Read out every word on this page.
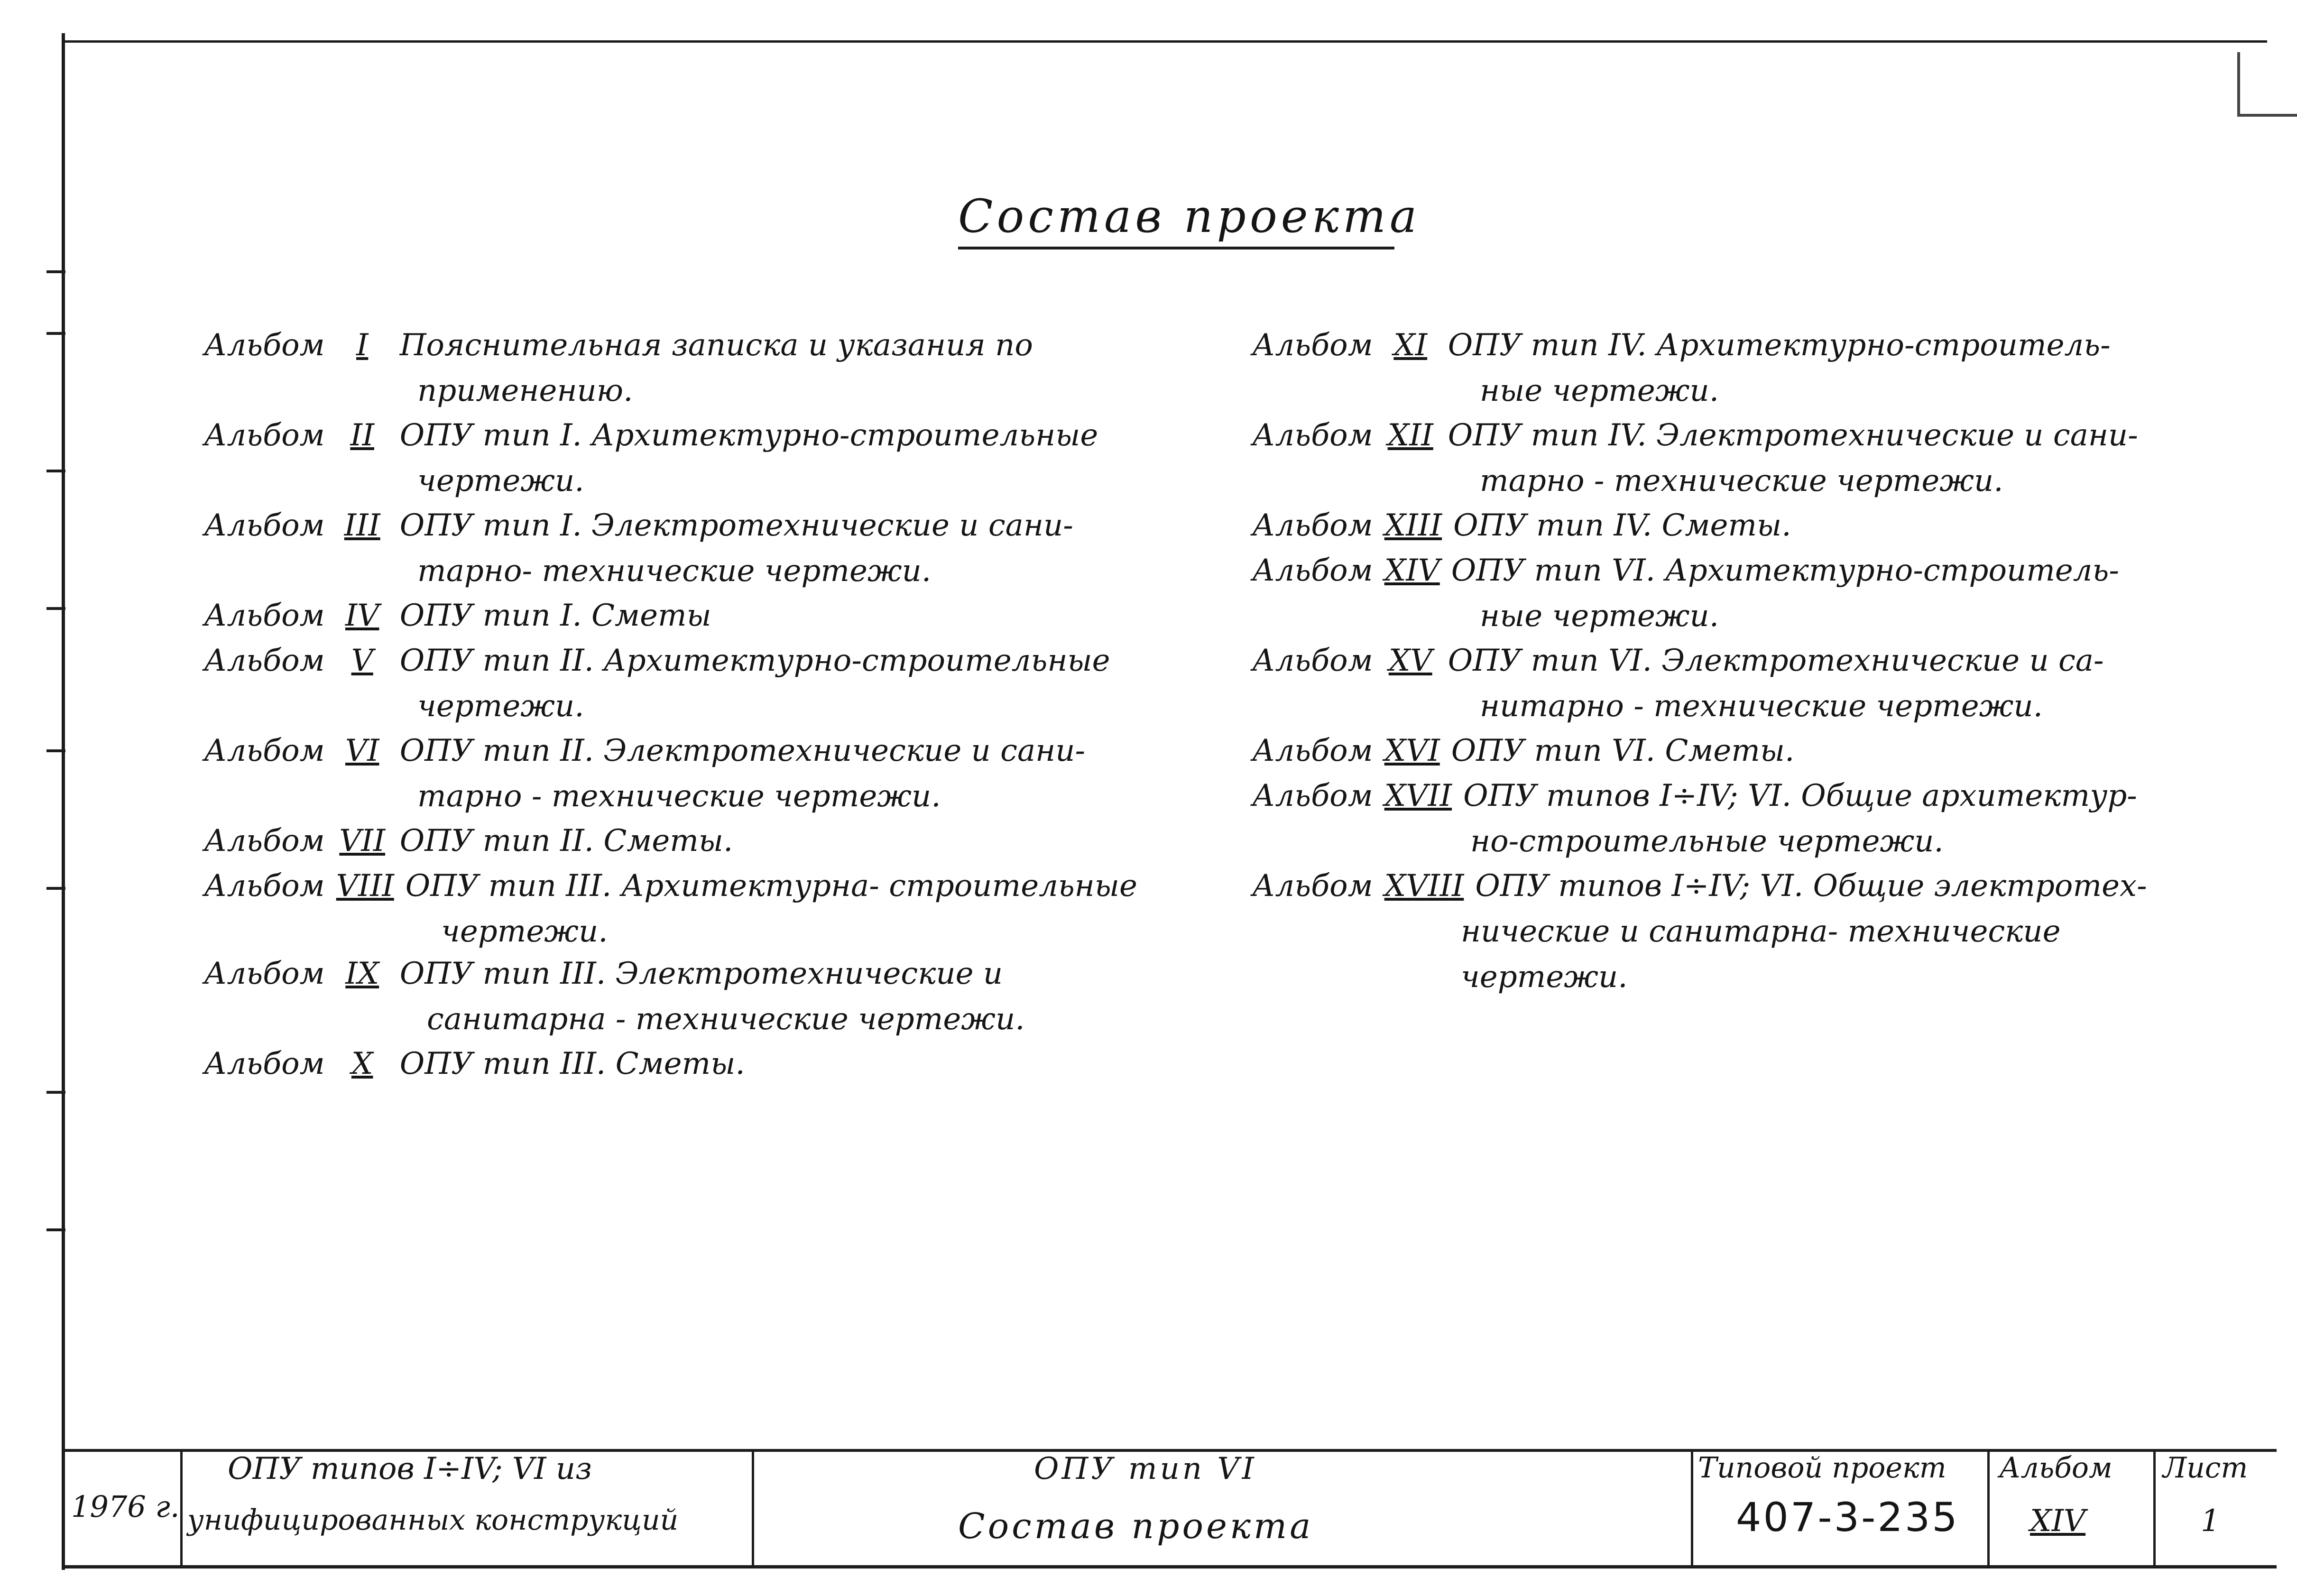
Состав проекта
Альбом I Пояснительная записка и указания по
применению.
Альбом II ОПУ тип I. Архитектурно-строительные
чертежи.
Альбом III ОПУ тип I. Электротехнические и сани-
тарно- технические чертежи.
Альбом IV ОПУ тип I. Сметы
Альбом V ОПУ тип II. Архитектурно-строительные
чертежи.
Альбом VI ОПУ тип II. Электротехнические и сани-
тарно - технические чертежи.
Альбом VII ОПУ тип II. Сметы.
Альбом VIII ОПУ тип III. Архитектурна- строительные
чертежи.
Альбом IX ОПУ тип III. Электротехнические и
санитарна - технические чертежи.
Альбом X ОПУ тип III. Сметы.
Альбом XI ОПУ тип IV. Архитектурно-строитель-
ные чертежи.
Альбом XII ОПУ тип IV. Электротехнические и сани-
тарно - технические чертежи.
Альбом XIII ОПУ тип IV. Сметы.
Альбом XIV ОПУ тип VI. Архитектурно-строитель-
ные чертежи.
Альбом XV ОПУ тип VI. Электротехнические и са-
нитарно - технические чертежи.
Альбом XVI ОПУ тип VI. Сметы.
Альбом XVII ОПУ типов I÷IV; VI. Общие архитектур-
но-строительные чертежи.
Альбом XVIII ОПУ типов I÷IV; VI. Общие электротех-
нические и санитарна- технические
чертежи.
1976 г.
ОПУ типов I÷IV; VI из
унифицированных конструкций
ОПУ тип VI
Состав проекта
Типовой проект
407-3-235
Альбом
XIV
Лист
1
